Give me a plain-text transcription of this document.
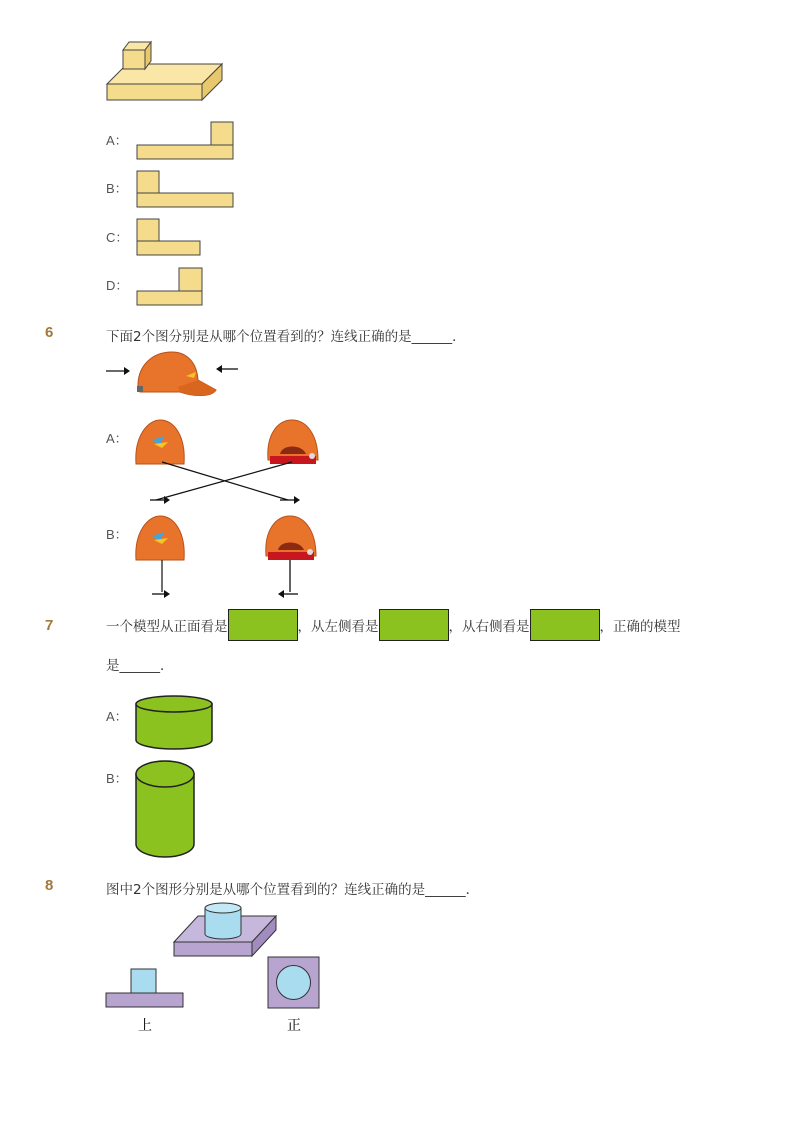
A：
B：
C：
D：
6	下面2个图分别是从哪个位置看到的？连线正确的是______．
A：
B：
7	一个模型从正面看是	，从左侧看是	，从右侧看是	，正确的模型
是______．
A：
B：
8	图中2个图形分别是从哪个位置看到的？连线正确的是______．
上	正
